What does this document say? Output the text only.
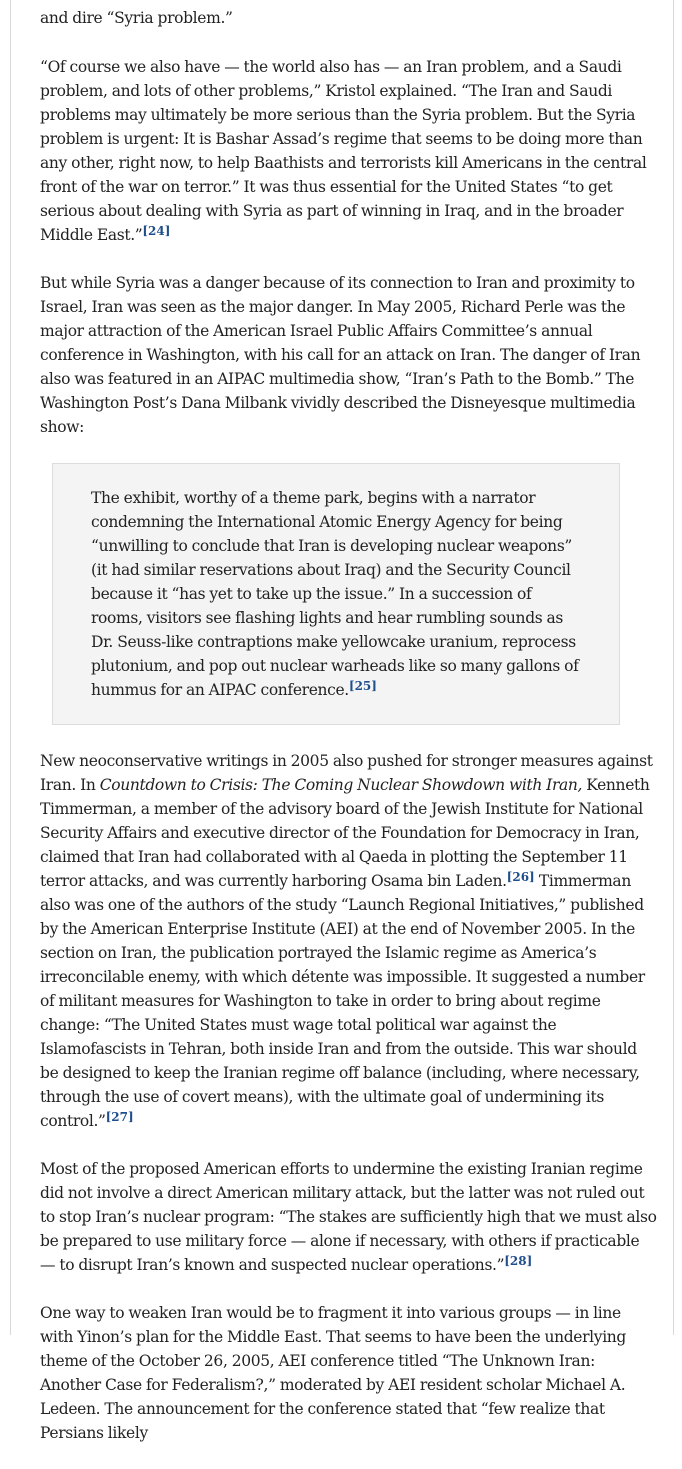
and dire “Syria problem.”

“Of course we also have — the world also has — an Iran problem, and a Saudi problem, and lots of other problems,” Kristol explained. “The Iran and Saudi problems may ultimately be more serious than the Syria problem. But the Syria problem is urgent: It is Bashar Assad’s regime that seems to be doing more than any other, right now, to help Baathists and terrorists kill Americans in the central front of the war on terror.” It was thus essential for the United States “to get serious about dealing with Syria as part of winning in Iraq, and in the broader Middle East.”[24]

But while Syria was a danger because of its connection to Iran and proximity to Israel, Iran was seen as the major danger. In May 2005, Richard Perle was the major attraction of the American Israel Public Affairs Committee’s annual conference in Washington, with his call for an attack on Iran. The danger of Iran also was featured in an AIPAC multimedia show, “Iran’s Path to the Bomb.” The Washington Post’s Dana Milbank vividly described the Disneyesque multimedia show:

The exhibit, worthy of a theme park, begins with a narrator condemning the International Atomic Energy Agency for being “unwilling to conclude that Iran is developing nuclear weapons” (it had similar reservations about Iraq) and the Security Council because it “has yet to take up the issue.” In a succession of rooms, visitors see flashing lights and hear rumbling sounds as Dr. Seuss-like contraptions make yellowcake uranium, reprocess plutonium, and pop out nuclear warheads like so many gallons of hummus for an AIPAC conference.[25]

New neoconservative writings in 2005 also pushed for stronger measures against Iran. In Countdown to Crisis: The Coming Nuclear Showdown with Iran, Kenneth Timmerman, a member of the advisory board of the Jewish Institute for National Security Affairs and executive director of the Foundation for Democracy in Iran, claimed that Iran had collaborated with al Qaeda in plotting the September 11 terror attacks, and was currently harboring Osama bin Laden.[26] Timmerman also was one of the authors of the study “Launch Regional Initiatives,” published by the American Enterprise Institute (AEI) at the end of November 2005. In the section on Iran, the publication portrayed the Islamic regime as America’s irreconcilable enemy, with which détente was impossible. It suggested a number of militant measures for Washington to take in order to bring about regime change: “The United States must wage total political war against the Islamofascists in Tehran, both inside Iran and from the outside. This war should be designed to keep the Iranian regime off balance (including, where necessary, through the use of covert means), with the ultimate goal of undermining its control.”[27]

Most of the proposed American efforts to undermine the existing Iranian regime did not involve a direct American military attack, but the latter was not ruled out to stop Iran’s nuclear program: “The stakes are sufficiently high that we must also be prepared to use military force — alone if necessary, with others if practicable — to disrupt Iran’s known and suspected nuclear operations.”[28]

One way to weaken Iran would be to fragment it into various groups — in line with Yinon’s plan for the Middle East. That seems to have been the underlying theme of the October 26, 2005, AEI conference titled “The Unknown Iran: Another Case for Federalism?,” moderated by AEI resident scholar Michael A. Ledeen. The announcement for the conference stated that “few realize that Persians likely
